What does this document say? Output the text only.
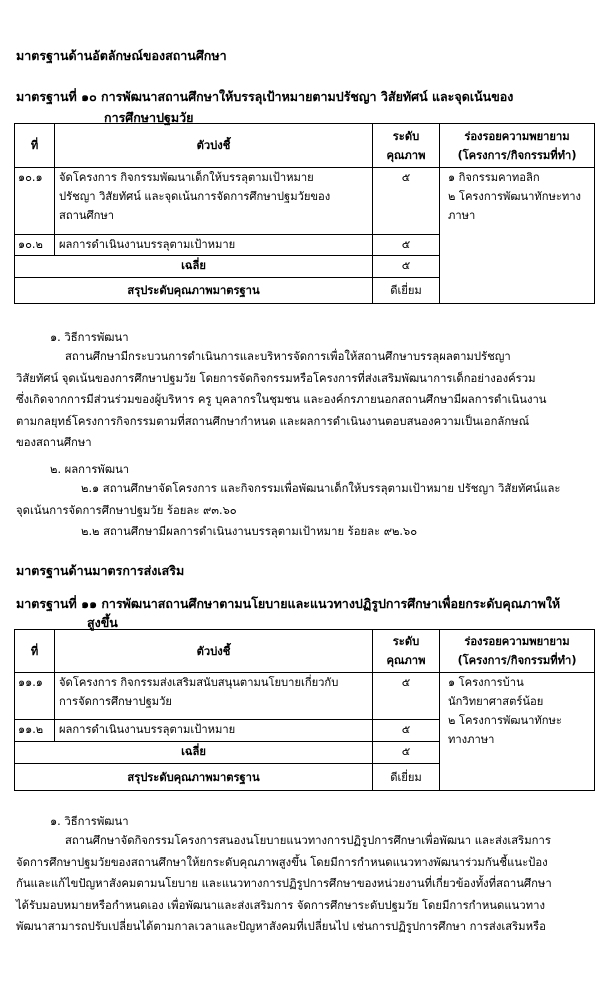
มาตรฐานด้านอัตลักษณ์ของสถานศึกษา
มาตรฐานที่ ๑๐ การพัฒนาสถานศึกษาให้บรรลุเป้าหมายตามปรัชญา วิสัยทัศน์ และจุดเน้นของ
การศึกษาปฐมวัย
ที่	ตัวบ่งชี้	ระดับ
คุณภาพ	ร่องรอยความพยายาม
(โครงการ/กิจกรรมที่ทำ)

๑๐.๑	จัดโครงการ กิจกรรมพัฒนาเด็กให้บรรลุตามเป้าหมาย
ปรัชญา วิสัยทัศน์ และจุดเน้นการจัดการศึกษาปฐมวัยของ
สถานศึกษา	๕	๑ กิจกรรมคาทอลิก
๒ โครงการพัฒนาทักษะทาง
ภาษา

๑๐.๒	ผลการดำเนินงานบรรลุตามเป้าหมาย	๕	
เฉลี่ย		๕	
สรุประดับคุณภาพมาตรฐาน		ดีเยี่ยม	
๑. วิธีการพัฒนา
สถานศึกษามีกระบวนการดำเนินการและบริหารจัดการเพื่อให้สถานศึกษาบรรลุผลตามปรัชญา
วิสัยทัศน์ จุดเน้นของการศึกษาปฐมวัย โดยการจัดกิจกรรมหรือโครงการที่ส่งเสริมพัฒนาการเด็กอย่างองค์รวม
ซึ่งเกิดจากการมีส่วนร่วมของผู้บริหาร ครู บุคลากรในชุมชน และองค์กรภายนอกสถานศึกษามีผลการดำเนินงาน
ตามกลยุทธ์โครงการกิจกรรมตามที่สถานศึกษากำหนด และผลการดำเนินงานตอบสนองความเป็นเอกลักษณ์
ของสถานศึกษา
๒. ผลการพัฒนา
๒.๑ สถานศึกษาจัดโครงการ และกิจกรรมเพื่อพัฒนาเด็กให้บรรลุตามเป้าหมาย ปรัชญา วิสัยทัศน์และ
จุดเน้นการจัดการศึกษาปฐมวัย ร้อยละ ๙๓.๖๐
๒.๒ สถานศึกษามีผลการดำเนินงานบรรลุตามเป้าหมาย ร้อยละ ๙๒.๖๐
มาตรฐานด้านมาตรการส่งเสริม
มาตรฐานที่ ๑๑ การพัฒนาสถานศึกษาตามนโยบายและแนวทางปฏิรูปการศึกษาเพื่อยกระดับคุณภาพให้
สูงขึ้น
ที่	ตัวบ่งชี้	ระดับ
คุณภาพ	ร่องรอยความพยายาม
(โครงการ/กิจกรรมที่ทำ)

๑๑.๑	จัดโครงการ กิจกรรมส่งเสริมสนับสนุนตามนโยบายเกี่ยวกับ
การจัดการศึกษาปฐมวัย	๕	๑ โครงการบ้าน
นักวิทยาศาสตร์น้อย
๒ โครงการพัฒนาทักษะ
ทางภาษา

๑๑.๒	ผลการดำเนินงานบรรลุตามเป้าหมาย	๕	
เฉลี่ย		๕	
สรุประดับคุณภาพมาตรฐาน		ดีเยี่ยม	
๑. วิธีการพัฒนา
สถานศึกษาจัดกิจกรรมโครงการสนองนโยบายแนวทางการปฏิรูปการศึกษาเพื่อพัฒนา และส่งเสริมการ
จัดการศึกษาปฐมวัยของสถานศึกษาให้ยกระดับคุณภาพสูงขึ้น โดยมีการกำหนดแนวทางพัฒนาร่วมกันชี้แนะป้อง
กันและแก้ไขปัญหาสังคมตามนโยบาย และแนวทางการปฏิรูปการศึกษาของหน่วยงานที่เกี่ยวข้องทั้งที่สถานศึกษา
ได้รับมอบหมายหรือกำหนดเอง เพื่อพัฒนาและส่งเสริมการ จัดการศึกษาระดับปฐมวัย โดยมีการกำหนดแนวทาง
พัฒนาสามารถปรับเปลี่ยนได้ตามกาลเวลาและปัญหาสังคมที่เปลี่ยนไป เช่นการปฏิรูปการศึกษา การส่งเสริมหรือ
